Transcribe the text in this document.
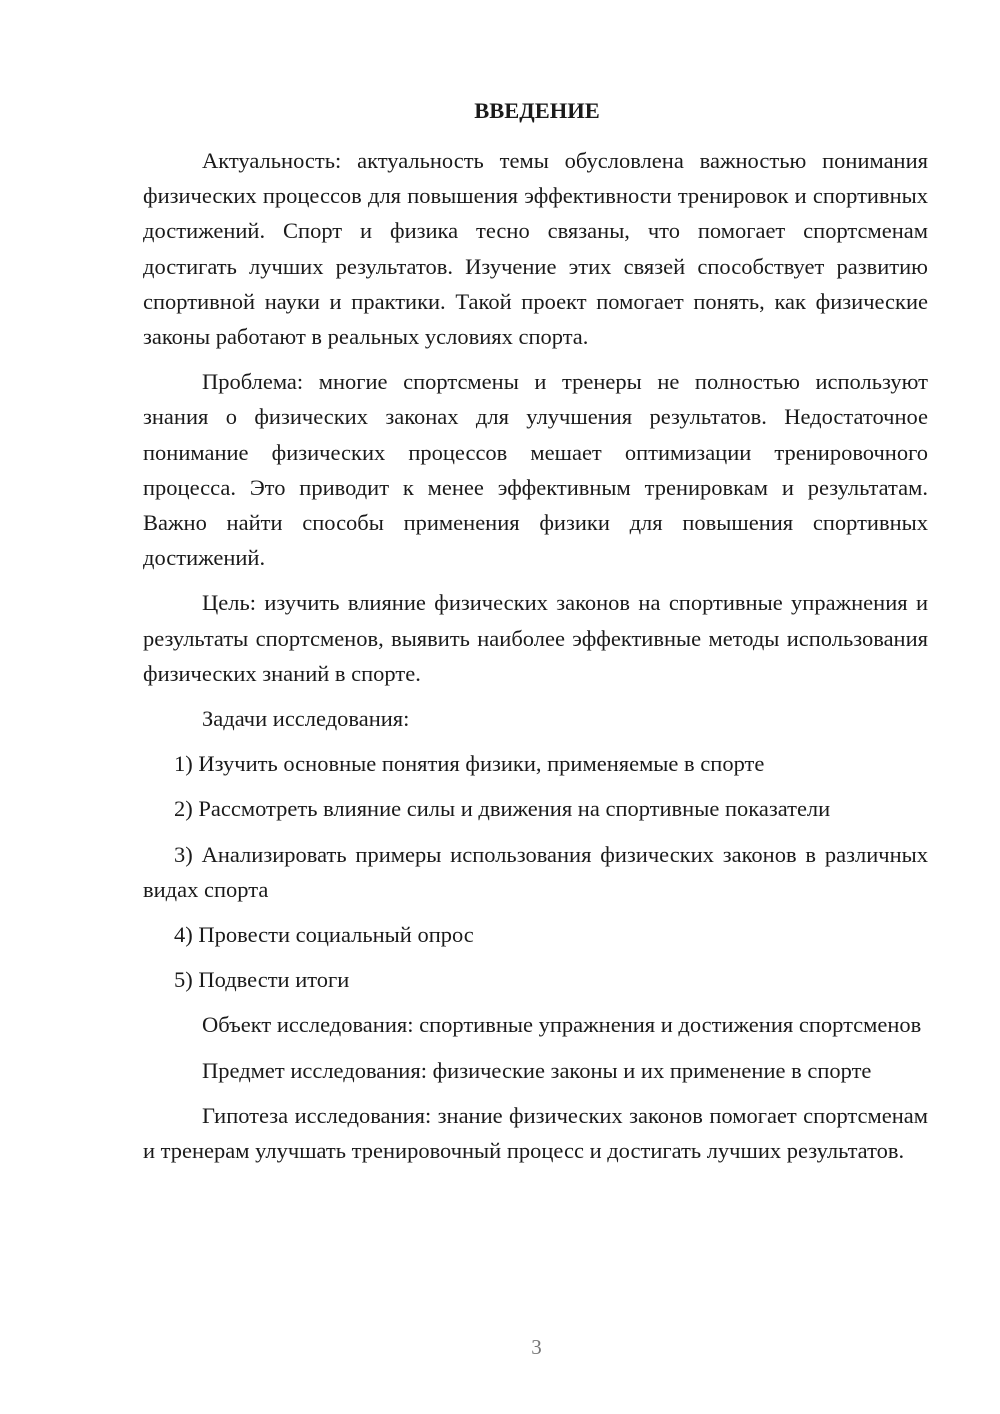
ВВЕДЕНИЕ

Актуальность: актуальность темы обусловлена важностью понимания физических процессов для повышения эффективности тренировок и спортивных достижений. Спорт и физика тесно связаны, что помогает спортсменам достигать лучших результатов. Изучение этих связей способствует развитию спортивной науки и практики. Такой проект помогает понять, как физические законы работают в реальных условиях спорта.

Проблема: многие спортсмены и тренеры не полностью используют знания о физических законах для улучшения результатов. Недостаточное понимание физических процессов мешает оптимизации тренировочного процесса. Это приводит к менее эффективным тренировкам и результатам. Важно найти способы применения физики для повышения спортивных достижений.

Цель: изучить влияние физических законов на спортивные упражнения и результаты спортсменов, выявить наиболее эффективные методы использования физических знаний в спорте.

Задачи исследования:

1) Изучить основные понятия физики, применяемые в спорте

2) Рассмотреть влияние силы и движения на спортивные показатели

3) Анализировать примеры использования физических законов в различных видах спорта

4) Провести социальный опрос

5) Подвести итоги

Объект исследования: спортивные упражнения и достижения спортсменов

Предмет исследования: физические законы и их применение в спорте

Гипотеза исследования: знание физических законов помогает спортсменам и тренерам улучшать тренировочный процесс и достигать лучших результатов.

3
